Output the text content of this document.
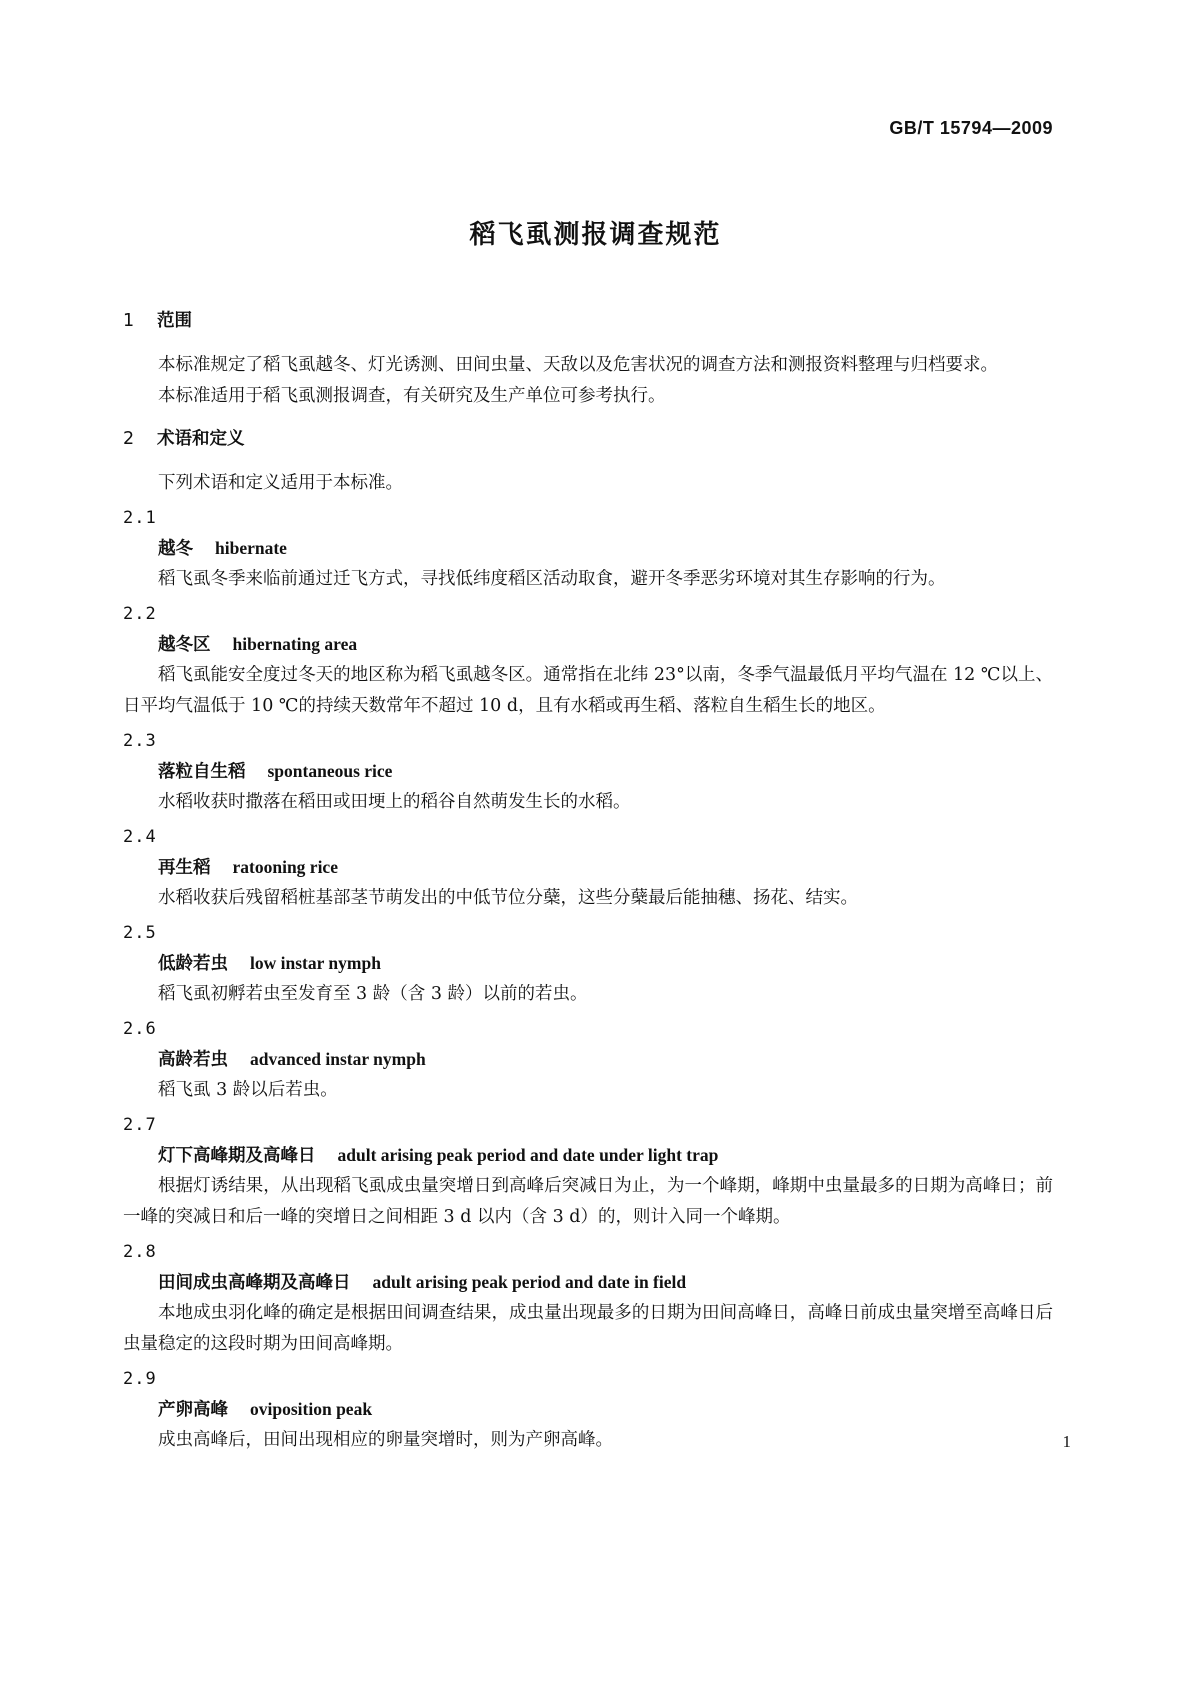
GB/T 15794—2009
稻飞虱测报调查规范
1 范围

本标准规定了稻飞虱越冬、灯光诱测、田间虫量、天敌以及危害状况的调查方法和测报资料整理与归档要求。

本标准适用于稻飞虱测报调查，有关研究及生产单位可参考执行。

2 术语和定义

下列术语和定义适用于本标准。

2.1
越冬 hibernate

稻飞虱冬季来临前通过迁飞方式，寻找低纬度稻区活动取食，避开冬季恶劣环境对其生存影响的行为。

2.2
越冬区 hibernating area

稻飞虱能安全度过冬天的地区称为稻飞虱越冬区。通常指在北纬 23°以南，冬季气温最低月平均气温在 12 ℃以上、日平均气温低于 10 ℃的持续天数常年不超过 10 d，且有水稻或再生稻、落粒自生稻生长的地区。

2.3
落粒自生稻 spontaneous rice

水稻收获时撒落在稻田或田埂上的稻谷自然萌发生长的水稻。

2.4
再生稻 ratooning rice

水稻收获后残留稻桩基部茎节萌发出的中低节位分蘖，这些分蘖最后能抽穗、扬花、结实。

2.5
低龄若虫 low instar nymph

稻飞虱初孵若虫至发育至 3 龄（含 3 龄）以前的若虫。

2.6
高龄若虫 advanced instar nymph

稻飞虱 3 龄以后若虫。

2.7
灯下高峰期及高峰日 adult arising peak period and date under light trap

根据灯诱结果，从出现稻飞虱成虫量突增日到高峰后突减日为止，为一个峰期，峰期中虫量最多的日期为高峰日；前一峰的突减日和后一峰的突增日之间相距 3 d 以内（含 3 d）的，则计入同一个峰期。

2.8
田间成虫高峰期及高峰日 adult arising peak period and date in field

本地成虫羽化峰的确定是根据田间调查结果，成虫量出现最多的日期为田间高峰日，高峰日前成虫量突增至高峰日后虫量稳定的这段时期为田间高峰期。

2.9
产卵高峰 oviposition peak

成虫高峰后，田间出现相应的卵量突增时，则为产卵高峰。	1
